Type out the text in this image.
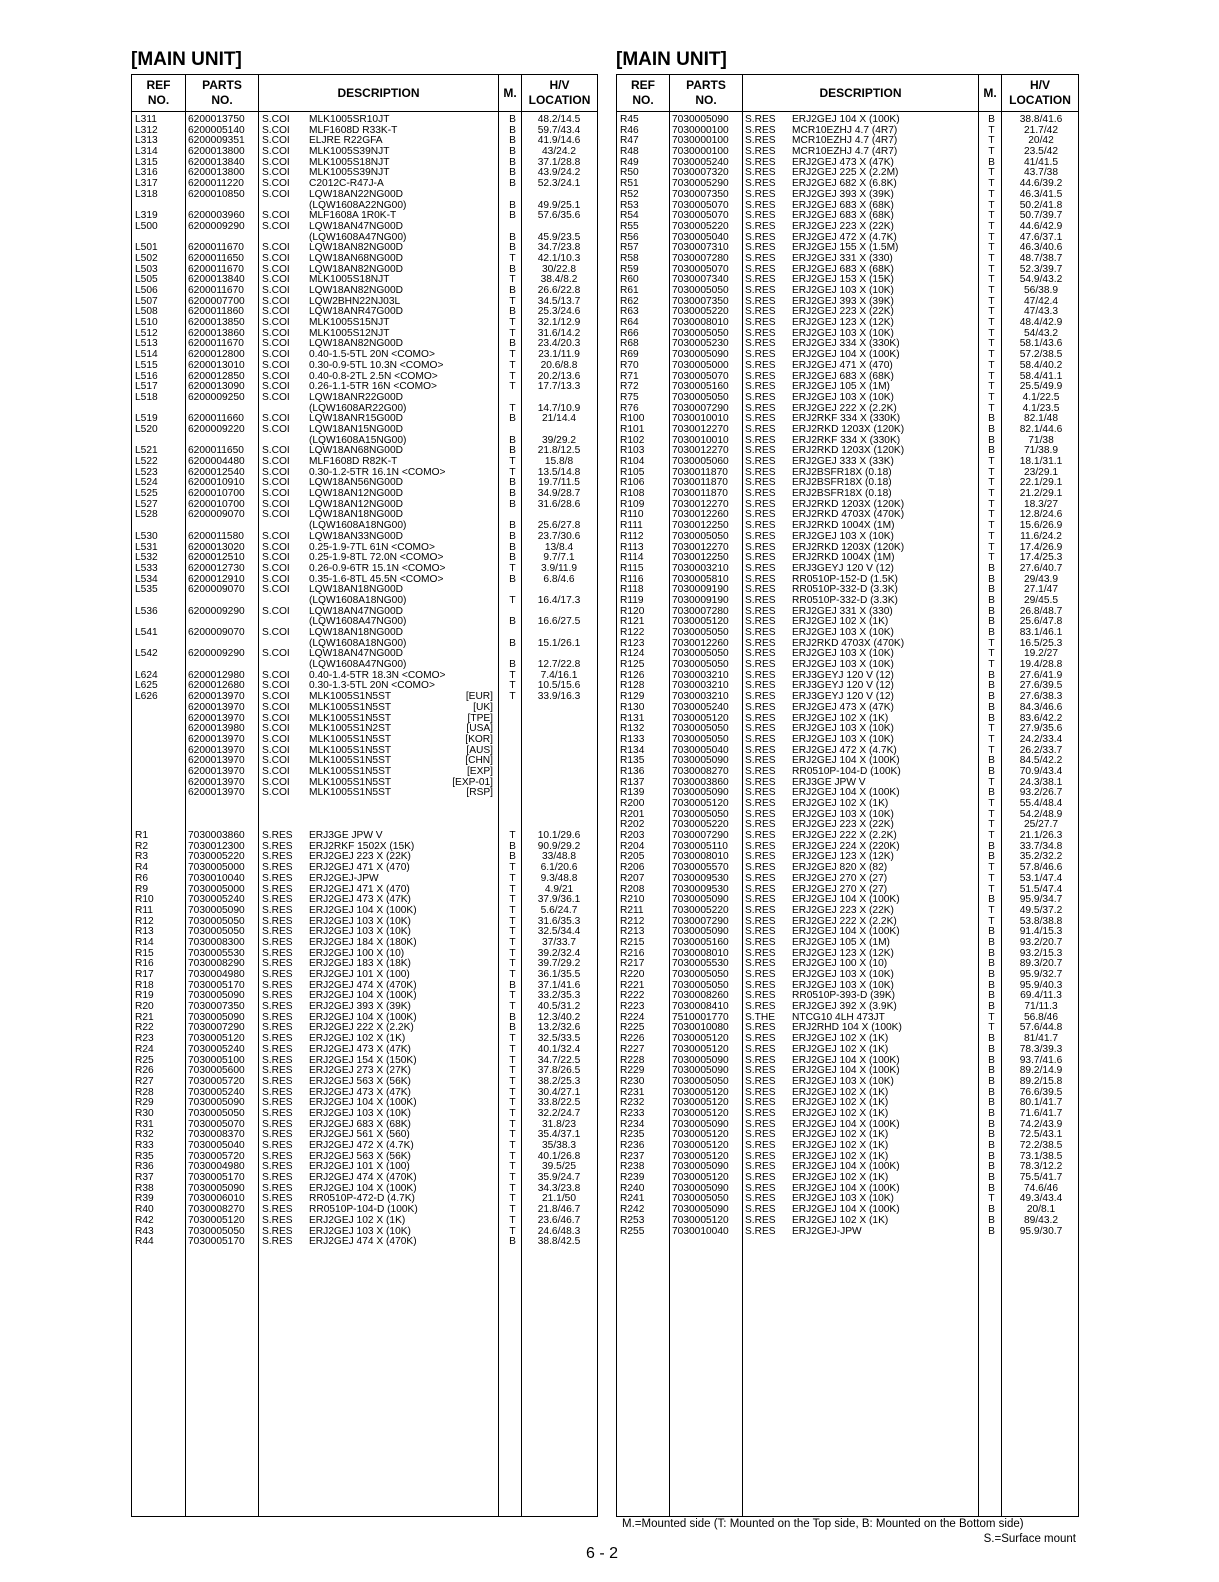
[MAIN UNIT]	[MAIN UNIT]
REF
NO.
PARTS
NO.
DESCRIPTION	M.
H/V
LOCATION
L311	6200013750 S.COI MLK1005SR10JT	B	48.2/14.5
L312	6200005140 S.COI MLF1608D R33K-T	B	59.7/43.4
L313	6200009351 S.COI ELJRE R22GFA	B	41.9/14.6
L314	6200013800 S.COI MLK1005S39NJT	B	43/24.2
L315	6200013840 S.COI MLK1005S18NJT	B	37.1/28.8
L316	6200013800 S.COI MLK1005S39NJT	B	43.9/24.2
L317	6200011220 S.COI C2012C-R47J-A	B	52.3/24.1
L318	6200010850 S.COI LQW18AN22NG00D
(LQW1608A22NG00)	B	49.9/25.1
L319	6200003960 S.COI MLF1608A 1R0K-T	B	57.6/35.6
L500	6200009290 S.COI LQW18AN47NG00D
(LQW1608A47NG00)	B	45.9/23.5
L501	6200011670 S.COI LQW18AN82NG00D	B	34.7/23.8
L502	6200011650 S.COI LQW18AN68NG00D	T	42.1/10.3
L503	6200011670 S.COI LQW18AN82NG00D	B	30/22.8
L505	6200013840 S.COI MLK1005S18NJT	T	38.4/8.2
L506	6200011670 S.COI LQW18AN82NG00D	B	26.6/22.8
L507	6200007700 S.COI LQW2BHN22NJ03L	T	34.5/13.7
L508	6200011860 S.COI LQW18ANR47G00D	B	25.3/24.6
L510	6200013850 S.COI MLK1005S15NJT	T	32.1/12.9
L512	6200013860 S.COI MLK1005S12NJT	T	31.6/14.2
L513	6200011670 S.COI LQW18AN82NG00D	B	23.4/20.3
L514	6200012800 S.COI 0.40-1.5-5TL 20N <COMO>	T	23.1/11.9
L515	6200013010 S.COI 0.30-0.9-5TL 10.3N <COMO>	T	20.6/8.8
L516	6200012850 S.COI 0.40-0.8-2TL 2.5N <COMO>	T	20.2/13.6
L517	6200013090 S.COI 0.26-1.1-5TR 16N <COMO>	T	17.7/13.3
L518	6200009250 S.COI LQW18ANR22G00D
(LQW1608AR22G00)	T	14.7/10.9
L519	6200011660 S.COI LQW18ANR15G00D	B	21/14.4
L520	6200009220 S.COI LQW18AN15NG00D
(LQW1608A15NG00)	B	39/29.2
L521	6200011650 S.COI LQW18AN68NG00D	B	21.8/12.5
L522	6200004480 S.COI MLF1608D R82K-T	T	15.8/8
L523	6200012540 S.COI 0.30-1.2-5TR 16.1N <COMO>	T	13.5/14.8
L524	6200010910 S.COI LQW18AN56NG00D	B	19.7/11.5
L525	6200010700 S.COI LQW18AN12NG00D	B	34.9/28.7
L527	6200010700 S.COI LQW18AN12NG00D	B	31.6/28.6
L528	6200009070 S.COI LQW18AN18NG00D
(LQW1608A18NG00)	B	25.6/27.8
L530	6200011580 S.COI LQW18AN33NG00D	B	23.7/30.6
L531	6200013020 S.COI 0.25-1.9-7TL 61N <COMO>	B	13/8.4
L532	6200012510 S.COI 0.25-1.9-8TL 72.0N <COMO>	B	9.7/7.1
L533	6200012730 S.COI 0.26-0.9-6TR 15.1N <COMO>	T	3.9/11.9
L534	6200012910 S.COI 0.35-1.6-8TL 45.5N <COMO>	B	6.8/4.6
L535	6200009070 S.COI LQW18AN18NG00D
(LQW1608A18NG00)	T	16.4/17.3
L536	6200009290 S.COI LQW18AN47NG00D
(LQW1608A47NG00)	B	16.6/27.5
L541	6200009070 S.COI LQW18AN18NG00D
(LQW1608A18NG00)	B	15.1/26.1
L542	6200009290 S.COI LQW18AN47NG00D
(LQW1608A47NG00)	B	12.7/22.8
L624	6200012980 S.COI 0.40-1.4-5TR 18.3N <COMO>	T	7.4/16.1
L625	6200012680 S.COI 0.30-1.3-5TL 20N <COMO>	T	10.5/15.6
L626	6200013970 S.COI MLK1005S1N5ST	[EUR]	T	33.9/16.3
6200013970 S.COI MLK1005S1N5ST	[UK]
6200013970 S.COI MLK1005S1N5ST	[TPE]
6200013980 S.COI MLK1005S1N2ST	[USA]
6200013970 S.COI MLK1005S1N5ST	[KOR]
6200013970 S.COI MLK1005S1N5ST	[AUS]
6200013970 S.COI MLK1005S1N5ST	[CHN]
6200013970 S.COI MLK1005S1N5ST	[EXP]
6200013970 S.COI MLK1005S1N5ST	[EXP-01]
6200013970 S.COI MLK1005S1N5ST	[RSP]
R1	7030003860 S.RES ERJ3GE JPW V	T	10.1/29.6
R2	7030012300 S.RES ERJ2RKF 1502X (15K)	B	90.9/29.2
R3	7030005220 S.RES ERJ2GEJ 223 X (22K)	B	33/48.8
R4	7030005000 S.RES ERJ2GEJ 471 X (470)	T	6.1/20.6
R6	7030010040 S.RES ERJ2GEJ-JPW	T	9.3/48.8
R9	7030005000 S.RES ERJ2GEJ 471 X (470)	T	4.9/21
R10	7030005240 S.RES ERJ2GEJ 473 X (47K)	T	37.9/36.1
R11	7030005090 S.RES ERJ2GEJ 104 X (100K)	T	5.6/24.7
R12	7030005050 S.RES ERJ2GEJ 103 X (10K)	T	31.6/35.3
R13	7030005050 S.RES ERJ2GEJ 103 X (10K)	T	32.5/34.4
R14	7030008300 S.RES ERJ2GEJ 184 X (180K)	T	37/33.7
R15	7030005530 S.RES ERJ2GEJ 100 X (10)	T	39.2/32.4
R16	7030008290 S.RES ERJ2GEJ 183 X (18K)	T	39.7/29.2
R17	7030004980 S.RES ERJ2GEJ 101 X (100)	T	36.1/35.5
R18	7030005170 S.RES ERJ2GEJ 474 X (470K)	B	37.1/41.6
R19	7030005090 S.RES ERJ2GEJ 104 X (100K)	T	33.2/35.3
R20	7030007350 S.RES ERJ2GEJ 393 X (39K)	T	40.5/31.2
R21	7030005090 S.RES ERJ2GEJ 104 X (100K)	B	12.3/40.2
R22	7030007290 S.RES ERJ2GEJ 222 X (2.2K)	B	13.2/32.6
R23	7030005120 S.RES ERJ2GEJ 102 X (1K)	T	32.5/33.5
R24	7030005240 S.RES ERJ2GEJ 473 X (47K)	T	40.1/32.4
R25	7030005100 S.RES ERJ2GEJ 154 X (150K)	T	34.7/22.5
R26	7030005600 S.RES ERJ2GEJ 273 X (27K)	T	37.8/26.5
R27	7030005720 S.RES ERJ2GEJ 563 X (56K)	T	38.2/25.3
R28	7030005240 S.RES ERJ2GEJ 473 X (47K)	T	30.4/27.1
R29	7030005090 S.RES ERJ2GEJ 104 X (100K)	T	33.8/22.5
R30	7030005050 S.RES ERJ2GEJ 103 X (10K)	T	32.2/24.7
R31	7030005070 S.RES ERJ2GEJ 683 X (68K)	T	31.8/23
R32	7030008370 S.RES ERJ2GEJ 561 X (560)	T	35.4/37.1
R33	7030005040 S.RES ERJ2GEJ 472 X (4.7K)	T	35/38.3
R35	7030005720 S.RES ERJ2GEJ 563 X (56K)	T	40.1/26.8
R36	7030004980 S.RES ERJ2GEJ 101 X (100)	T	39.5/25
R37	7030005170 S.RES ERJ2GEJ 474 X (470K)	T	35.9/24.7
R38	7030005090 S.RES ERJ2GEJ 104 X (100K)	T	34.3/23.8
R39	7030006010 S.RES RR0510P-472-D (4.7K)	T	21.1/50
R40	7030008270 S.RES RR0510P-104-D (100K)	T	21.8/46.7
R42	7030005120 S.RES ERJ2GEJ 102 X (1K)	T	23.6/46.7
R43	7030005050 S.RES ERJ2GEJ 103 X (10K)	T	24.6/48.3
R44	7030005170 S.RES ERJ2GEJ 474 X (470K)	B	38.8/42.5
REF
NO.
PARTS
NO.
DESCRIPTION	M.
H/V
LOCATION
R45	7030005090 S.RES ERJ2GEJ 104 X (100K)	B	38.8/41.6
R46	7030000100 S.RES MCR10EZHJ 4.7 (4R7)	T	21.7/42
R47	7030000100 S.RES MCR10EZHJ 4.7 (4R7)	T	20/42
R48	7030000100 S.RES MCR10EZHJ 4.7 (4R7)	T	23.5/42
R49	7030005240 S.RES ERJ2GEJ 473 X (47K)	B	41/41.5
R50	7030007320 S.RES ERJ2GEJ 225 X (2.2M)	T	43.7/38
R51	7030005290 S.RES ERJ2GEJ 682 X (6.8K)	T	44.6/39.2
R52	7030007350 S.RES ERJ2GEJ 393 X (39K)	T	46.3/41.5
R53	7030005070 S.RES ERJ2GEJ 683 X (68K)	T	50.2/41.8
R54	7030005070 S.RES ERJ2GEJ 683 X (68K)	T	50.7/39.7
R55	7030005220 S.RES ERJ2GEJ 223 X (22K)	T	44.6/42.9
R56	7030005040 S.RES ERJ2GEJ 472 X (4.7K)	T	47.6/37.1
R57	7030007310 S.RES ERJ2GEJ 155 X (1.5M)	T	46.3/40.6
R58	7030007280 S.RES ERJ2GEJ 331 X (330)	T	48.7/38.7
R59	7030005070 S.RES ERJ2GEJ 683 X (68K)	T	52.3/39.7
R60	7030007340 S.RES ERJ2GEJ 153 X (15K)	T	54.9/43.2
R61	7030005050 S.RES ERJ2GEJ 103 X (10K)	T	56/38.9
R62	7030007350 S.RES ERJ2GEJ 393 X (39K)	T	47/42.4
R63	7030005220 S.RES ERJ2GEJ 223 X (22K)	T	47/43.3
R64	7030008010 S.RES ERJ2GEJ 123 X (12K)	T	48.4/42.9
R66	7030005050 S.RES ERJ2GEJ 103 X (10K)	T	54/43.2
R68	7030005230 S.RES ERJ2GEJ 334 X (330K)	T	58.1/43.6
R69	7030005090 S.RES ERJ2GEJ 104 X (100K)	T	57.2/38.5
R70	7030005000 S.RES ERJ2GEJ 471 X (470)	T	58.4/40.2
R71	7030005070 S.RES ERJ2GEJ 683 X (68K)	T	58.4/41.1
R72	7030005160 S.RES ERJ2GEJ 105 X (1M)	T	25.5/49.9
R75	7030005050 S.RES ERJ2GEJ 103 X (10K)	T	4.1/22.5
R76	7030007290 S.RES ERJ2GEJ 222 X (2.2K)	T	4.1/23.5
R100	7030010010 S.RES ERJ2RKF 334 X (330K)	B	82.1/48
R101	7030012270 S.RES ERJ2RKD 1203X (120K)	B	82.1/44.6
R102	7030010010 S.RES ERJ2RKF 334 X (330K)	B	71/38
R103	7030012270 S.RES ERJ2RKD 1203X (120K)	B	71/38.9
R104	7030005060 S.RES ERJ2GEJ 333 X (33K)	T	18.1/31.1
R105	7030011870 S.RES ERJ2BSFR18X (0.18)	T	23/29.1
R106	7030011870 S.RES ERJ2BSFR18X (0.18)	T	22.1/29.1
R108	7030011870 S.RES ERJ2BSFR18X (0.18)	T	21.2/29.1
R109	7030012270 S.RES ERJ2RKD 1203X (120K)	T	18.3/27
R110	7030012260 S.RES ERJ2RKD 4703X (470K)	T	12.8/24.6
R111	7030012250 S.RES ERJ2RKD 1004X (1M)	T	15.6/26.9
R112	7030005050 S.RES ERJ2GEJ 103 X (10K)	T	11.6/24.2
R113	7030012270 S.RES ERJ2RKD 1203X (120K)	T	17.4/26.9
R114	7030012250 S.RES ERJ2RKD 1004X (1M)	T	17.4/25.3
R115	7030003210 S.RES ERJ3GEYJ 120 V (12)	B	27.6/40.7
R116	7030005810 S.RES RR0510P-152-D (1.5K)	B	29/43.9
R118	7030009190 S.RES RR0510P-332-D (3.3K)	B	27.1/47
R119	7030009190 S.RES RR0510P-332-D (3.3K)	B	29/45.5
R120	7030007280 S.RES ERJ2GEJ 331 X (330)	B	26.8/48.7
R121	7030005120 S.RES ERJ2GEJ 102 X (1K)	B	25.6/47.8
R122	7030005050 S.RES ERJ2GEJ 103 X (10K)	B	83.1/46.1
R123	7030012260 S.RES ERJ2RKD 4703X (470K)	T	16.5/25.3
R124	7030005050 S.RES ERJ2GEJ 103 X (10K)	T	19.2/27
R125	7030005050 S.RES ERJ2GEJ 103 X (10K)	T	19.4/28.8
R126	7030003210 S.RES ERJ3GEYJ 120 V (12)	B	27.6/41.9
R128	7030003210 S.RES ERJ3GEYJ 120 V (12)	B	27.6/39.5
R129	7030003210 S.RES ERJ3GEYJ 120 V (12)	B	27.6/38.3
R130	7030005240 S.RES ERJ2GEJ 473 X (47K)	B	84.3/46.6
R131	7030005120 S.RES ERJ2GEJ 102 X (1K)	B	83.6/42.2
R132	7030005050 S.RES ERJ2GEJ 103 X (10K)	T	27.9/35.6
R133	7030005050 S.RES ERJ2GEJ 103 X (10K)	T	24.2/33.4
R134	7030005040 S.RES ERJ2GEJ 472 X (4.7K)	T	26.2/33.7
R135	7030005090 S.RES ERJ2GEJ 104 X (100K)	B	84.5/42.2
R136	7030008270 S.RES RR0510P-104-D (100K)	B	70.9/43.4
R137	7030003860 S.RES ERJ3GE JPW V	T	24.3/38.1
R139	7030005090 S.RES ERJ2GEJ 104 X (100K)	B	93.2/26.7
R200	7030005120 S.RES ERJ2GEJ 102 X (1K)	T	55.4/48.4
R201	7030005050 S.RES ERJ2GEJ 103 X (10K)	T	54.2/48.9
R202	7030005220 S.RES ERJ2GEJ 223 X (22K)	T	25/27.7
R203	7030007290 S.RES ERJ2GEJ 222 X (2.2K)	T	21.1/26.3
R204	7030005110 S.RES ERJ2GEJ 224 X (220K)	B	33.7/34.8
R205	7030008010 S.RES ERJ2GEJ 123 X (12K)	B	35.2/32.2
R206	7030005570 S.RES ERJ2GEJ 820 X (82)	T	57.8/46.6
R207	7030009530 S.RES ERJ2GEJ 270 X (27)	T	53.1/47.4
R208	7030009530 S.RES ERJ2GEJ 270 X (27)	T	51.5/47.4
R210	7030005090 S.RES ERJ2GEJ 104 X (100K)	B	95.9/34.7
R211	7030005220 S.RES ERJ2GEJ 223 X (22K)	T	49.5/37.2
R212	7030007290 S.RES ERJ2GEJ 222 X (2.2K)	T	53.8/38.8
R213	7030005090 S.RES ERJ2GEJ 104 X (100K)	B	91.4/15.3
R215	7030005160 S.RES ERJ2GEJ 105 X (1M)	B	93.2/20.7
R216	7030008010 S.RES ERJ2GEJ 123 X (12K)	B	93.2/15.3
R217	7030005530 S.RES ERJ2GEJ 100 X (10)	B	89.3/20.7
R220	7030005050 S.RES ERJ2GEJ 103 X (10K)	B	95.9/32.7
R221	7030005050 S.RES ERJ2GEJ 103 X (10K)	B	95.9/40.3
R222	7030008260 S.RES RR0510P-393-D (39K)	B	69.4/11.3
R223	7030008410 S.RES ERJ2GEJ 392 X (3.9K)	B	71/11.3
R224	7510001770 S.THE NTCG10 4LH 473JT	T	56.8/46
R225	7030010080 S.RES ERJ2RHD 104 X (100K)	T	57.6/44.8
R226	7030005120 S.RES ERJ2GEJ 102 X (1K)	B	81/41.7
R227	7030005120 S.RES ERJ2GEJ 102 X (1K)	B	78.3/39.3
R228	7030005090 S.RES ERJ2GEJ 104 X (100K)	B	93.7/41.6
R229	7030005090 S.RES ERJ2GEJ 104 X (100K)	B	89.2/14.9
R230	7030005050 S.RES ERJ2GEJ 103 X (10K)	B	89.2/15.8
R231	7030005120 S.RES ERJ2GEJ 102 X (1K)	B	76.6/39.5
R232	7030005120 S.RES ERJ2GEJ 102 X (1K)	B	80.1/41.7
R233	7030005120 S.RES ERJ2GEJ 102 X (1K)	B	71.6/41.7
R234	7030005090 S.RES ERJ2GEJ 104 X (100K)	B	74.2/43.9
R235	7030005120 S.RES ERJ2GEJ 102 X (1K)	B	72.5/43.1
R236	7030005120 S.RES ERJ2GEJ 102 X (1K)	B	72.2/38.5
R237	7030005120 S.RES ERJ2GEJ 102 X (1K)	B	73.1/38.5
R238	7030005090 S.RES ERJ2GEJ 104 X (100K)	B	78.3/12.2
R239	7030005120 S.RES ERJ2GEJ 102 X (1K)	B	75.5/41.7
R240	7030005090 S.RES ERJ2GEJ 104 X (100K)	B	74.6/46
R241	7030005050 S.RES ERJ2GEJ 103 X (10K)	T	49.3/43.4
R242	7030005090 S.RES ERJ2GEJ 104 X (100K)	B	20/8.1
R253	7030005120 S.RES ERJ2GEJ 102 X (1K)	B	89/43.2
R255	7030010040 S.RES ERJ2GEJ-JPW	B	95.9/30.7
M.=Mounted side (T: Mounted on the Top side, B: Mounted on the Bottom side)
S.=Surface mount
6 - 2
